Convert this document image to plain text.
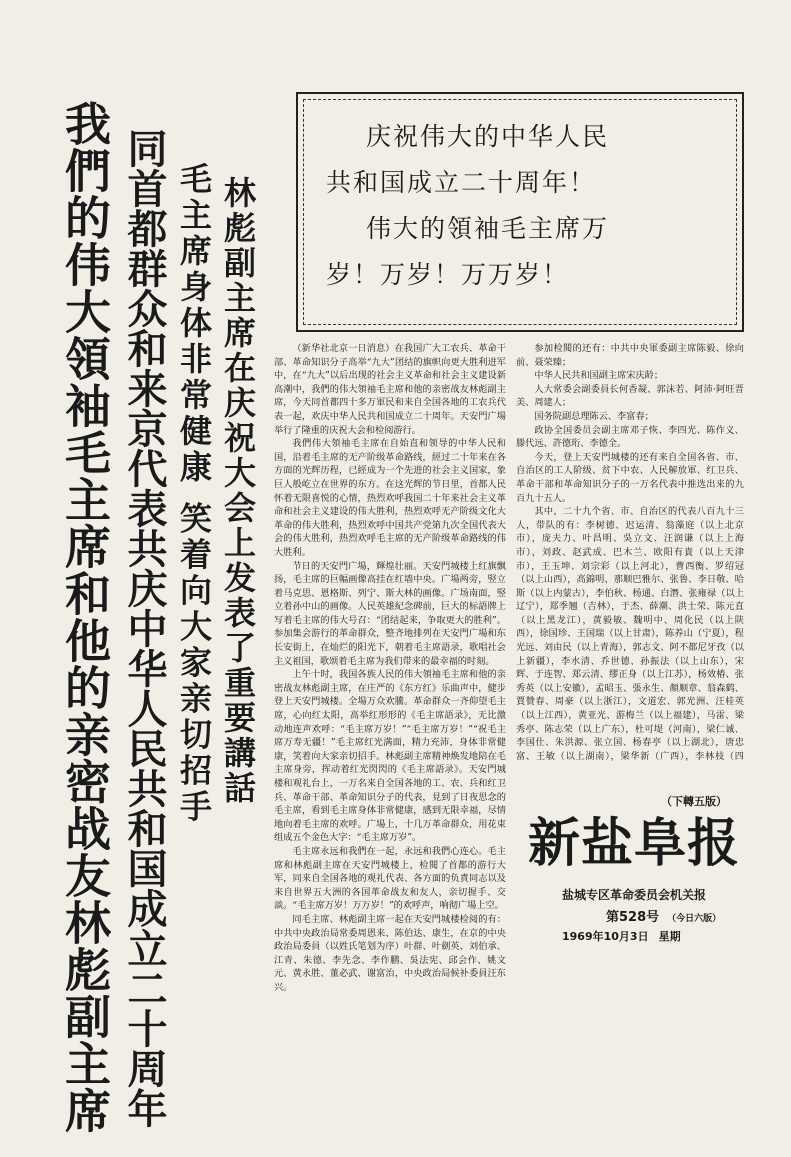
我們的伟大領袖毛主席和他的亲密战友林彪副主席 同首都群众和来京代表共庆中华人民共和国成立二十周年 毛主席身体非常健康 笑着向大家亲切招手 林彪副主席在庆祝大会上发表了重要講話
庆祝伟大的中华人民
共和国成立二十周年！
伟大的領袖毛主席万
岁！万岁！万万岁！

（新华社北京一日消息）在我国广大工农兵、革命干部、革命知识分子高举“九大”团结的旗帜向更大胜利进军中，在“九大”以后出现的社会主义革命和社会主义建设新高潮中，我們的伟大領袖毛主席和他的亲密战友林彪副主席，今天同首都四十多万軍民和来自全国各地的工农兵代表一起，欢庆中华人民共和国成立二十周年。天安門广場举行了隆重的庆祝大会和检阅游行。

我們伟大領袖毛主席在自始直和领导的中华人民和国，沿着毛主席的无产阶级革命路线，經过二十年来在各方面的光辉历程，已經成为一个先进的社会主义国家，象巨人般屹立在世界的东方。在这光辉的节日里，首都人民怀着无限喜悦的心情，热烈欢呼我国二十年来社会主义革命和社会主义建设的伟大胜利，热烈欢呼无产阶级文化大革命的伟大胜利，热烈欢呼中国共产党第九次全国代表大会的伟大胜利，热烈欢呼毛主席的无产阶级革命路线的伟大胜利。

节日的天安門广場，輝煌壮丽。天安門城楼上红旗飘扬，毛主席的巨幅画像高挂在红墙中央。广場两旁，竪立着马克思、恩格斯、列宁、斯大林的画像。广场南面，竪立着孙中山的画像。人民英雄紀念碑前，巨大的标語牌上写着毛主席的伟大号召：“团结起来，争取更大的胜利”。参加集会游行的革命群众，整齐地排列在天安門广場和东长安街上，在灿烂的阳光下，朝着毛主席語录，歌唱社会主义祖国，歌颂着毛主席为我们带来的最幸福的时刻。

上午十时，我国各族人民的伟大領袖毛主席和他的亲密战友林彪副主席，在庄严的《东方红》乐曲声中，健步登上天安門城楼。全場万众欢騰。革命群众一齐仰望毛主席，心向红太阳，高举红形形的《毛主席語录》，无比激动地连声欢呼：“毛主席万岁！”“毛主席万岁！”“祝毛主席万寿无疆！”毛主席红光满面，精力充沛，身体非常健康，笑着向大家亲切招手。林彪副主席精神焕发地陪在毛主席身旁，挥动着红光閃閃的《毛主席語录》。天安門城楼和观礼台上，一万名来自全国各地的工、农、兵和红卫兵、革命干部、革命知识分子的代表，見到了日夜思念的毛主席，看到毛主席身体非常健康，感到无限幸福，尽情地向着毛主席的欢呼。广場上，十几万革命群众，用花束组成五个金色大字：“毛主席万岁”。

毛主席永远和我們在一起，永远和我們心连心。毛主席和林彪副主席在天安門城楼上，检閱了首都的游行大军，同来自全国各地的观礼代表、各方面的负責同志以及来自世界五大洲的各国革命战友和友人，亲切握手、交談。“毛主席万岁！万万岁！”的欢呼声，响彻广場上空。

同毛主席、林彪副主席一起在天安門城楼检阅的有：中共中央政治局常委周恩来、陈伯达、康生，在京的中央政治局委員（以姓氏笔划为序）叶群、叶劍英、刘伯承、江青、朱德、李先念、李作鹏、吳法宪、邱会作、姚文元、黄永胜、董必武、谢富治，中央政治局候补委員汪东兴。

参加检閱的还有：中共中央軍委副主席陈毅、徐向前、聂荣臻；

中华人民共和国副主席宋庆龄；

人大常委会副委員长何香凝、郭沫若、阿沛·阿旺晋美、周建人；

国务院副总理陈云、李富春；

政协全国委员会副主席邓子恢、李四光、陈作义、滕代远、許德珩、李德全。

今天，登上天安門城楼的还有来自全国各省、市、自治区的工人阶级、贫下中农、人民解放軍、红卫兵、革命干部和革命知识分子的一万名代表中推选出来的九百九十五人。

其中，二十九个省、市、自治区的代表八百九十三人，带队的有：李树德、迟运清、翁藻庭（以上北京市），庞夫力、叶昌明、吳立文、汪润谦（以上上海市），刘政、赵武成、巴木兰、欧阳有貴（以上天津市），王玉坤、刘宗彩（以上河北），曹西衡、罗绍冠（以上山西），高錦明、那顺巴雅尔、张鲁、李日敬、哈斯（以上内蒙古），李伯秋、杨通、白潛、张雍禄（以上辽宁），郑季翘（吉林），于杰、薛潮、洪士荣、陈元直（以上黑龙江），黄毅敏、魏明中、周化民（以上陕西），徐国珍、王国瑞（以上甘肃），陈养山（宁夏），程光远、刘由民（以上青海），郭志文、阿不都尼牙孜（以上新疆），李水清、乔世德、孙振法（以上山东），宋辉、于连智、郑云清、缪正身（以上江苏），杨效椿、张秀英（以上安徽），孟昭玉、張永生、顏顺章、翁森鹤、賈贊春、周豪（以上浙江），文道宏、郭光洲、汪桂英（以上江西），黄亚光、游梅兰（以上福建），马雷、梁秀亭、陈志荣（以上广东），杜可堤（河南），梁仁诚、李国仕、朱洪源、张立国、杨春亭（以上湖北），唐忠富、王敏（以上湖南），梁华新（广西），李林枝（四

（下轉五版）
新盐阜报
盐城专区革命委员会机关报
第528号 （今日六版）
1969年10月3日 星期
